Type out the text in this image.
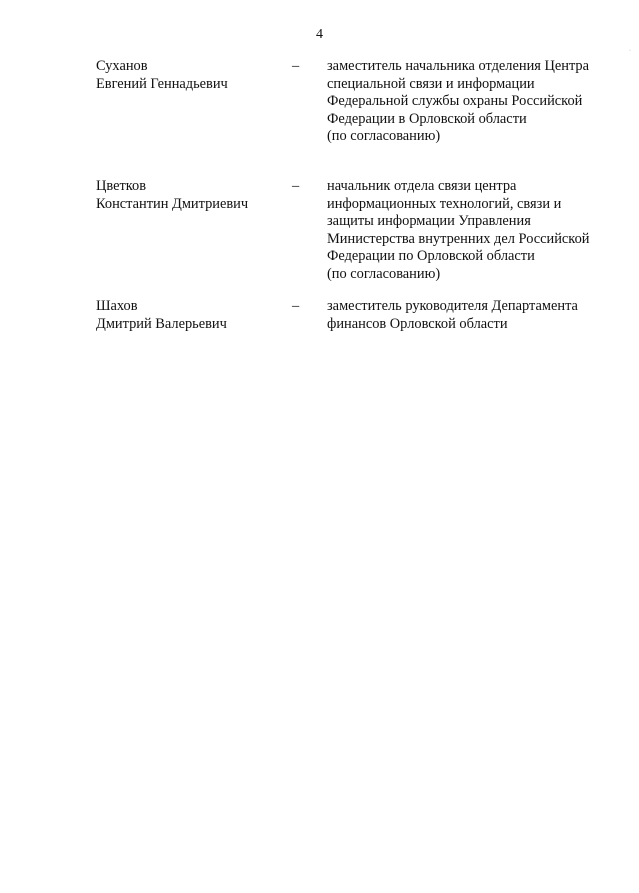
4
·
Суханов
Евгений Геннадьевич
– заместитель начальника отделения Центра
специальной связи и информации
Федеральной службы охраны Российской
Федерации в Орловской области
(по согласованию)
Цветков
Константин Дмитриевич
– начальник отдела связи центра
информационных технологий, связи и
защиты информации Управления
Министерства внутренних дел Российской
Федерации по Орловской области
(по согласованию)
Шахов
Дмитрий Валерьевич
– заместитель руководителя Департамента
финансов Орловской области
